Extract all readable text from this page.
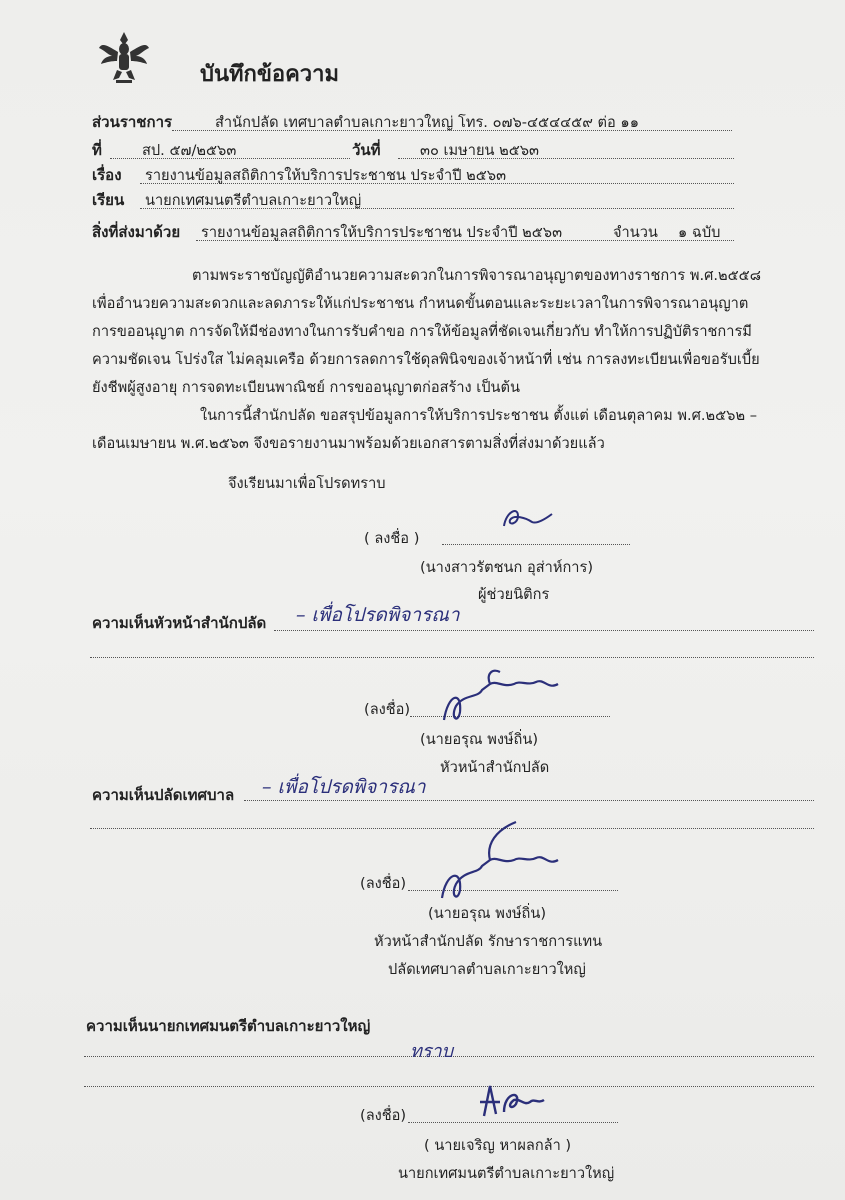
บันทึกข้อความ
ส่วนราชการ	สำนักปลัด เทศบาลตำบลเกาะยาวใหญ่ โทร. ๐๗๖-๔๕๔๔๕๙ ต่อ ๑๑
ที่	สป. ๕๗/๒๕๖๓	วันที่	๓๐ เมษายน ๒๕๖๓
เรื่อง รายงานข้อมูลสถิติการให้บริการประชาชน ประจำปี ๒๕๖๓
เรียน นายกเทศมนตรีตำบลเกาะยาวใหญ่
สิ่งที่ส่งมาด้วย รายงานข้อมูลสถิติการให้บริการประชาชน ประจำปี ๒๕๖๓	จำนวน ๑ ฉบับ
ตามพระราชบัญญัติอำนวยความสะดวกในการพิจารณาอนุญาตของทางราชการ พ.ศ.๒๕๕๘
เพื่ออำนวยความสะดวกและลดภาระให้แก่ประชาชน กำหนดขั้นตอนและระยะเวลาในการพิจารณาอนุญาต
การขออนุญาต การจัดให้มีช่องทางในการรับคำขอ การให้ข้อมูลที่ชัดเจนเกี่ยวกับ ทำให้การปฏิบัติราชการมี
ความชัดเจน โปร่งใส ไม่คลุมเครือ ด้วยการลดการใช้ดุลพินิจของเจ้าหน้าที่ เช่น การลงทะเบียนเพื่อขอรับเบี้ย
ยังชีพผู้สูงอายุ การจดทะเบียนพาณิชย์ การขออนุญาตก่อสร้าง เป็นต้น
ในการนี้สำนักปลัด ขอสรุปข้อมูลการให้บริการประชาชน ตั้งแต่ เดือนตุลาคม พ.ศ.๒๕๖๒ –
เดือนเมษายน พ.ศ.๒๕๖๓ จึงขอรายงานมาพร้อมด้วยเอกสารตามสิ่งที่ส่งมาด้วยแล้ว
จึงเรียนมาเพื่อโปรดทราบ
( ลงชื่อ )
(นางสาวรัตชนก อุส่าห์การ)
ผู้ช่วยนิติกร
ความเห็นหัวหน้าสำนักปลัด – เพื่อโปรดพิจารณา
(ลงชื่อ)
(นายอรุณ พงษ์ถิ่น)
หัวหน้าสำนักปลัด
ความเห็นปลัดเทศบาล – เพื่อโปรดพิจารณา
(ลงชื่อ)
(นายอรุณ พงษ์ถิ่น)
หัวหน้าสำนักปลัด รักษาราชการแทน
ปลัดเทศบาลตำบลเกาะยาวใหญ่
ความเห็นนายกเทศมนตรีตำบลเกาะยาวใหญ่
ทราบ
(ลงชื่อ)
( นายเจริญ หาผลกล้า )
นายกเทศมนตรีตำบลเกาะยาวใหญ่
